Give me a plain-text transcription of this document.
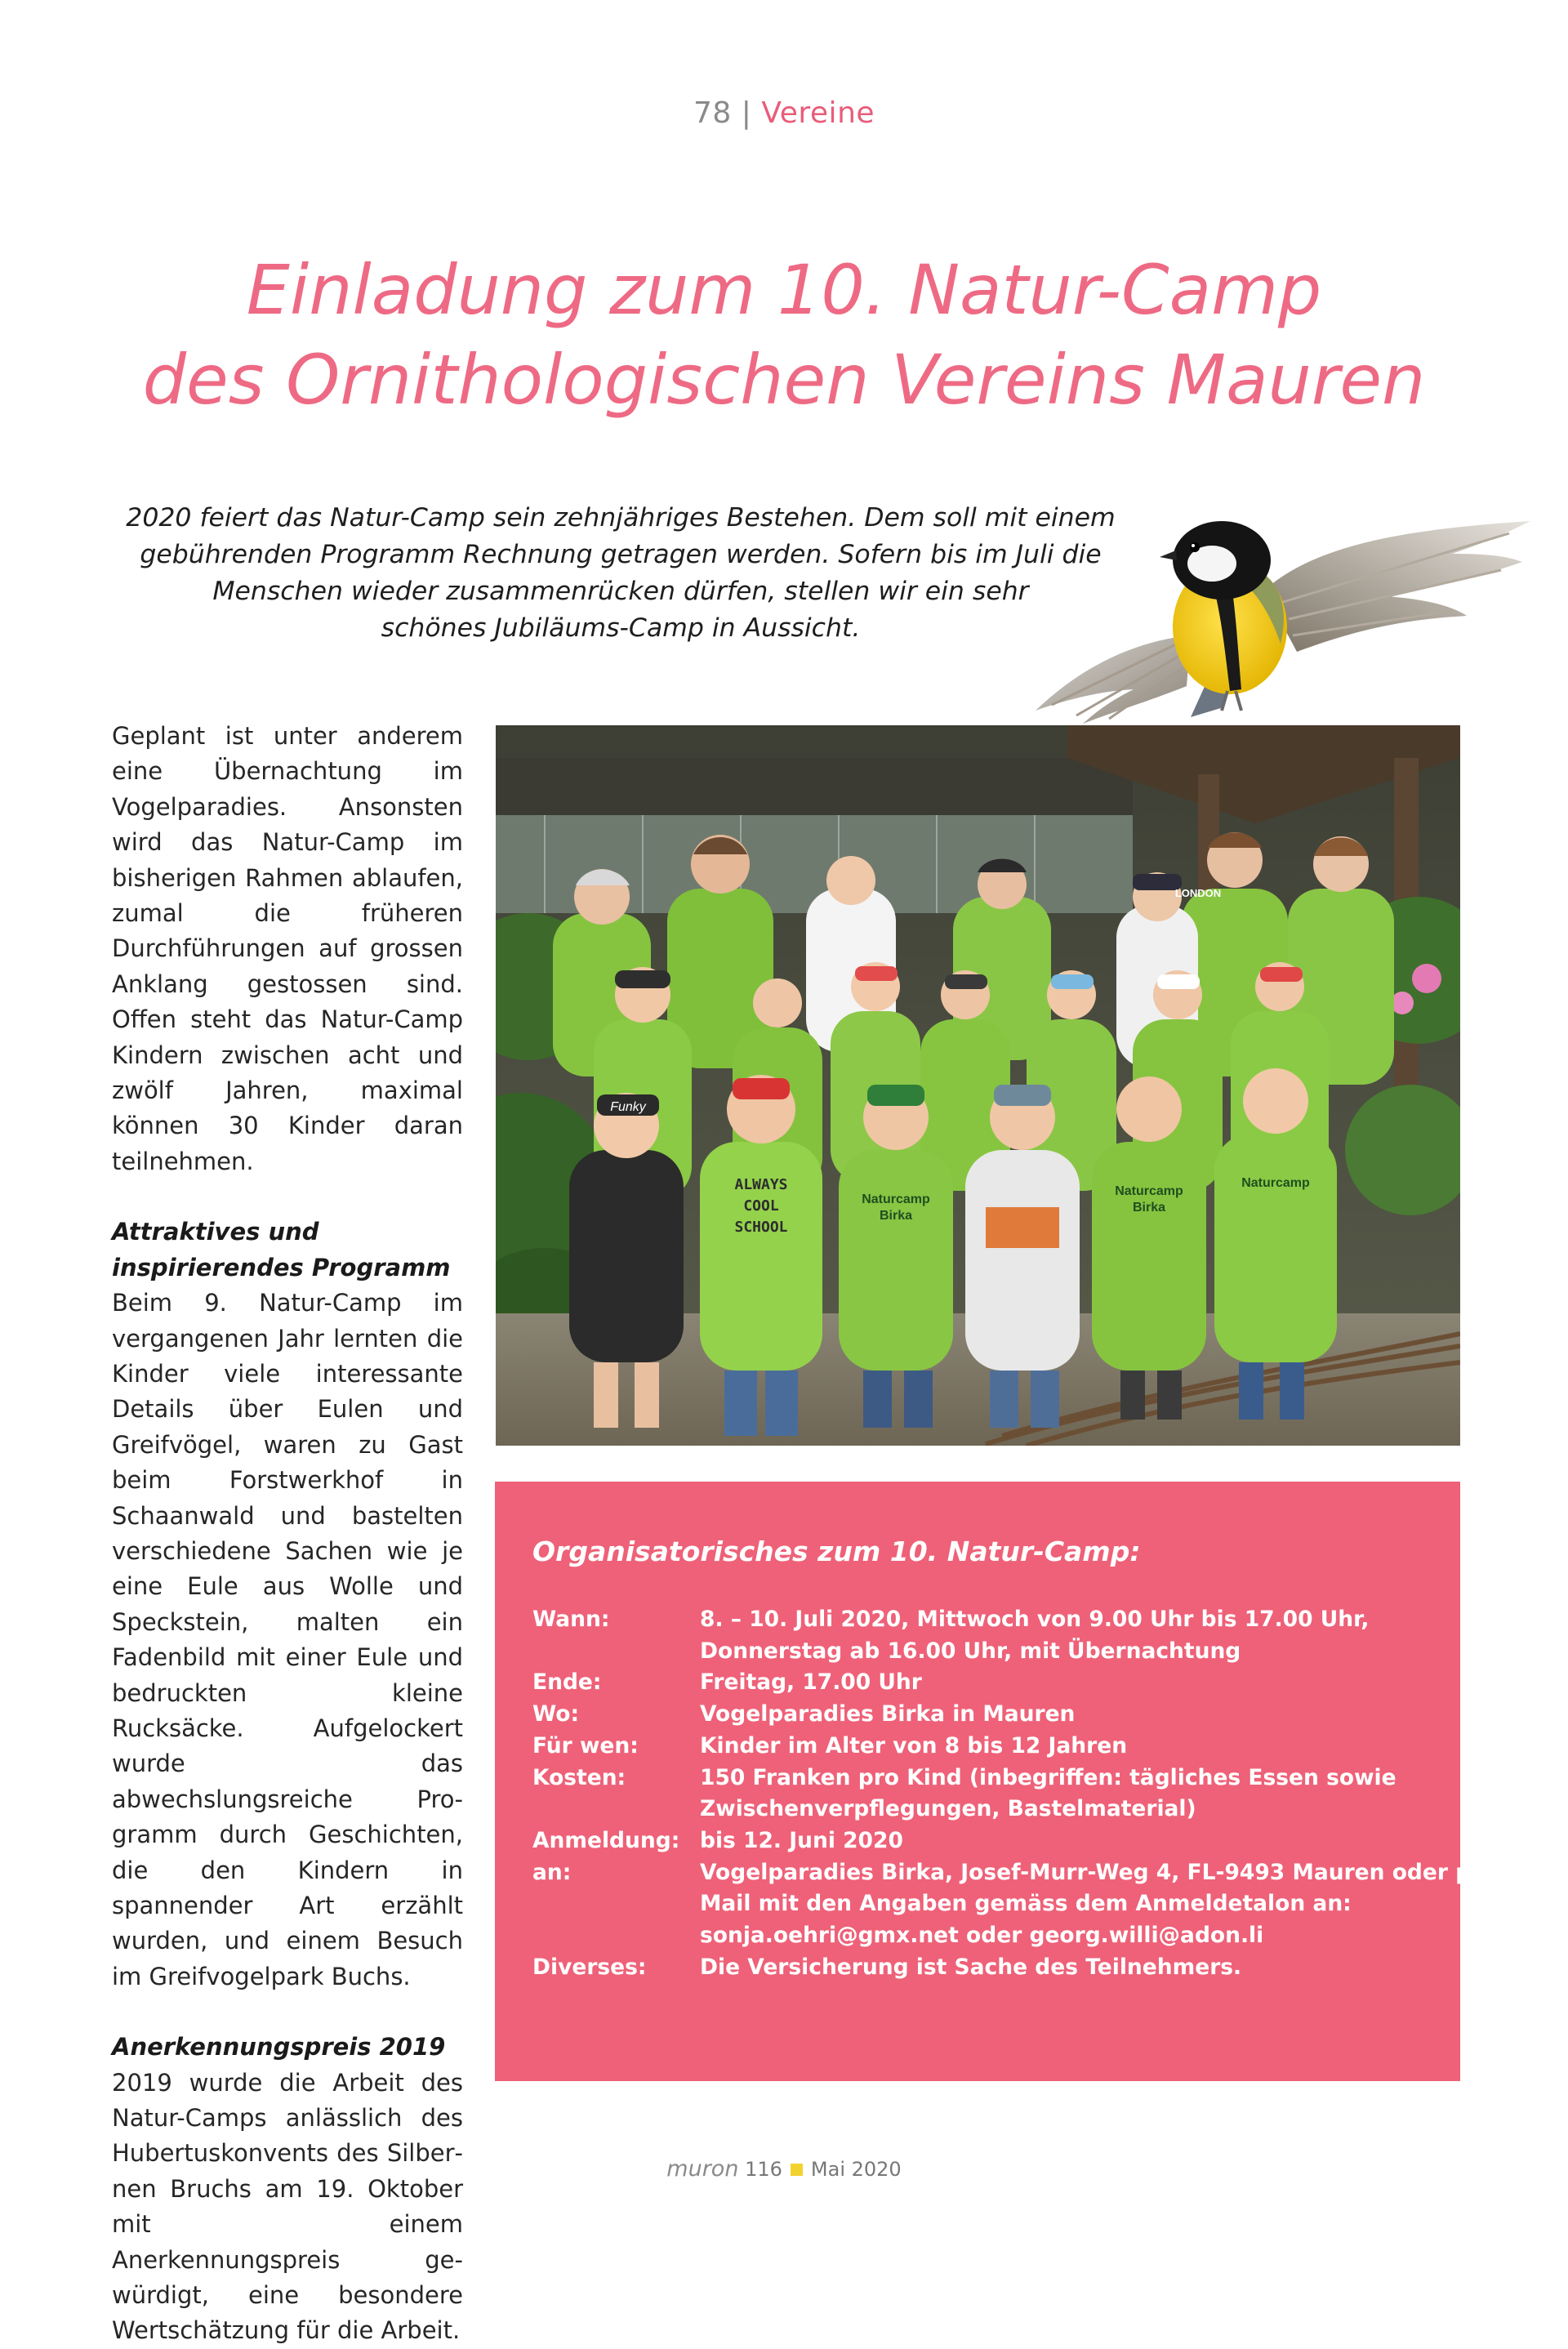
78 | Vereine
Einladung zum 10. Natur-Camp
des Ornithologischen Vereins Mauren
2020 feiert das Natur-Camp sein zehnjähriges Bestehen. Dem soll mit einem
gebührenden Programm Rechnung getragen werden. Sofern bis im Juli die
Menschen wieder zusammenrücken dürfen, stellen wir ein sehr
schönes Jubiläums-Camp in Aussicht.

Geplant ist unter anderem eine Übernachtung im Vogelparadies. Ansonsten wird das Natur-Camp im bisherigen Rahmen ablaufen, zumal die früheren Durchführungen auf grossen Anklang gestossen sind. Offen steht das Natur-Camp Kindern zwischen acht und zwölf Jahren, maximal können 30 Kinder daran teilnehmen.

Attraktives und inspirierendes Programm

Beim 9. Natur-Camp im vergangenen Jahr lernten die Kinder viele interessante Details über Eulen und Greifvögel, waren zu Gast beim Forstwerkhof in Schaanwald und bastelten verschiedene Sachen wie je eine Eule aus Wolle und Speckstein, malten ein Fadenbild mit einer Eule und bedruckten kleine Rucksäcke. Aufgelockert wurde das abwechslungsreiche Programm durch Geschichten, die den Kindern in spannender Art erzählt wurden, und einem Besuch im Greifvogelpark Buchs.

Anerkennungspreis 2019

2019 wurde die Arbeit des Natur-Camps anlässlich des Hubertuskonvents des Silbernen Bruchs am 19. Oktober mit einem Anerkennungspreis gewürdigt, eine besondere Wertschätzung für die Arbeit.

Funky
ALWAYS
COOL
SCHOOL
Naturcamp
Birka
Naturcamp
Birka
Naturcamp
LONDON
Organisatorisches zum 10. Natur-Camp:
Wann:	8. – 10. Juli 2020, Mittwoch von 9.00 Uhr bis 17.00 Uhr,
Donnerstag ab 16.00 Uhr, mit Übernachtung
Ende:	Freitag, 17.00 Uhr
Wo:	Vogelparadies Birka in Mauren
Für wen:	Kinder im Alter von 8 bis 12 Jahren
Kosten:	150 Franken pro Kind (inbegriffen: tägliches Essen sowie
Zwischenverpflegungen, Bastelmaterial)
Anmeldung: bis 12. Juni 2020
an:	Vogelparadies Birka, Josef-Murr-Weg 4, FL-9493 Mauren oder per
Mail mit den Angaben gemäss dem Anmeldetalon an:
sonja.oehri@gmx.net oder georg.willi@adon.li
Diverses:	Die Versicherung ist Sache des Teilnehmers.
muron 116 Mai 2020
